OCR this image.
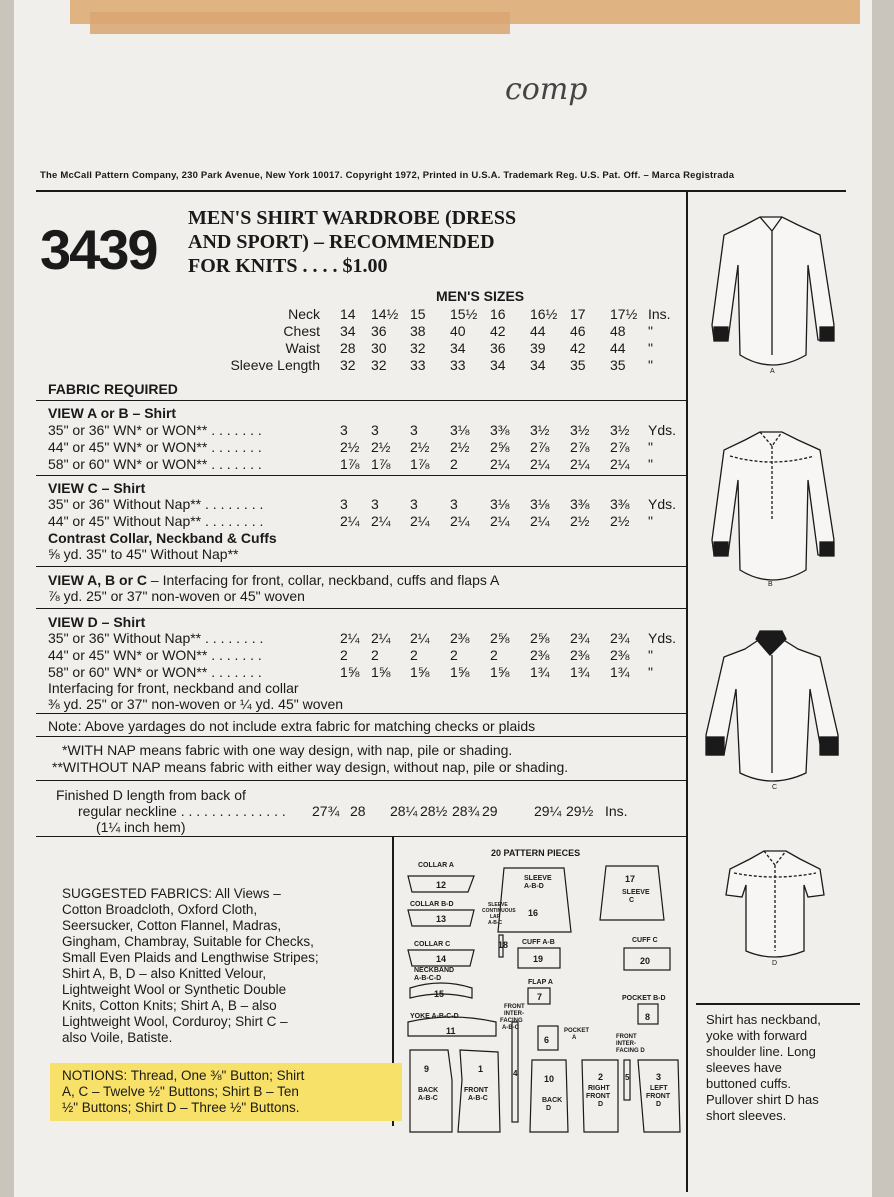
comp
The McCall Pattern Company, 230 Park Avenue, New York 10017. Copyright 1972, Printed in U.S.A. Trademark Reg. U.S. Pat. Off. – Marca Registrada
3439 MEN'S SHIRT WARDROBE (DRESS
AND SPORT) – RECOMMENDED
FOR KNITS . . . . $1.00
MEN'S SIZES
Neck 14 14½ 15 15½ 16 16½ 17 17½ Ins.
Chest 34 36 38 40 42 44 46 48 "
Waist 28 30 32 34 36 39 42 44 "
Sleeve Length 32 32 33 33 34 34 35 35 "
FABRIC REQUIRED
VIEW A or B – Shirt
35" or 36" WN* or WON** . . . . . . .	3 3 3 3⅛ 3⅜ 3½ 3½ 3½ Yds.
44" or 45" WN* or WON** . . . . . . .	2½ 2½ 2½ 2½ 2⅝ 2⅞ 2⅞ 2⅞ "
58" or 60" WN* or WON** . . . . . . .	1⅞ 1⅞ 1⅞ 2 2¼ 2¼ 2¼ 2¼ "
VIEW C – Shirt
35" or 36" Without Nap** . . . . . . . .	3 3 3 3 3⅛ 3⅛ 3⅜ 3⅜ Yds.
44" or 45" Without Nap** . . . . . . . .	2¼ 2¼ 2¼ 2¼ 2¼ 2¼ 2½ 2½ "
Contrast Collar, Neckband & Cuffs
⅝ yd. 35" to 45" Without Nap**
VIEW A, B or C – Interfacing for front, collar, neckband, cuffs and flaps A
⅞ yd. 25" or 37" non-woven or 45" woven
VIEW D – Shirt
35" or 36" Without Nap** . . . . . . . .	2¼ 2¼ 2¼ 2⅜ 2⅝ 2⅝ 2¾ 2¾ Yds.
44" or 45" WN* or WON** . . . . . . .	2 2 2 2 2 2⅜ 2⅜ 2⅜ "
58" or 60" WN* or WON** . . . . . . .	1⅝ 1⅝ 1⅝ 1⅝ 1⅝ 1¾ 1¾ 1¾ "
Interfacing for front, neckband and collar
⅜ yd. 25" or 37" non-woven or ¼ yd. 45" woven
Note: Above yardages do not include extra fabric for matching checks or plaids
*WITH NAP means fabric with one way design, with nap, pile or shading.
**WITHOUT NAP means fabric with either way design, without nap, pile or shading.
Finished D length from back of
regular neckline . . . . . . . . . . . . . .
(1¼ inch hem)
27¾ 28 28¼ 28½ 28¾ 29	29¼ 29½ Ins.
SUGGESTED FABRICS: All Views –
Cotton Broadcloth, Oxford Cloth,
Seersucker, Cotton Flannel, Madras,
Gingham, Chambray, Suitable for Checks,
Small Even Plaids and Lengthwise Stripes;
Shirt A, B, D – also Knitted Velour,
Lightweight Wool or Synthetic Double
Knits, Cotton Knits; Shirt A, B – also
Lightweight Wool, Corduroy; Shirt C –
also Voile, Batiste.
NOTIONS: Thread, One ⅜" Button; Shirt
A, C – Twelve ½" Buttons; Shirt B – Ten
½" Buttons; Shirt D – Three ½" Buttons.
20 PATTERN PIECES
COLLAR A
12
COLLAR B-D
13
COLLAR C
14
NECKBAND
A-B-C-D
15
SLEEVE
A-B-D
16
SLEEVE
CONTINUOUS
LAP
A-B-C
18
17
SLEEVE
C
CUFF A-B
19
CUFF C
20
FLAP A
7	POCKET B-D
8
YOKE A-B-C-D
11
FRONT
INTER-
FACING
A-B-C
4
6
POCKET
A	FRONT
INTER-
FACING D
5
9
BACK
A-B-C
1
FRONT
A-B-C
10
BACK
D
2
RIGHT
FRONT
D
3
LEFT
FRONT
D
A
B
C
D
Shirt has neckband,
yoke with forward
shoulder line. Long
sleeves have
buttoned cuffs.
Pullover shirt D has
short sleeves.
